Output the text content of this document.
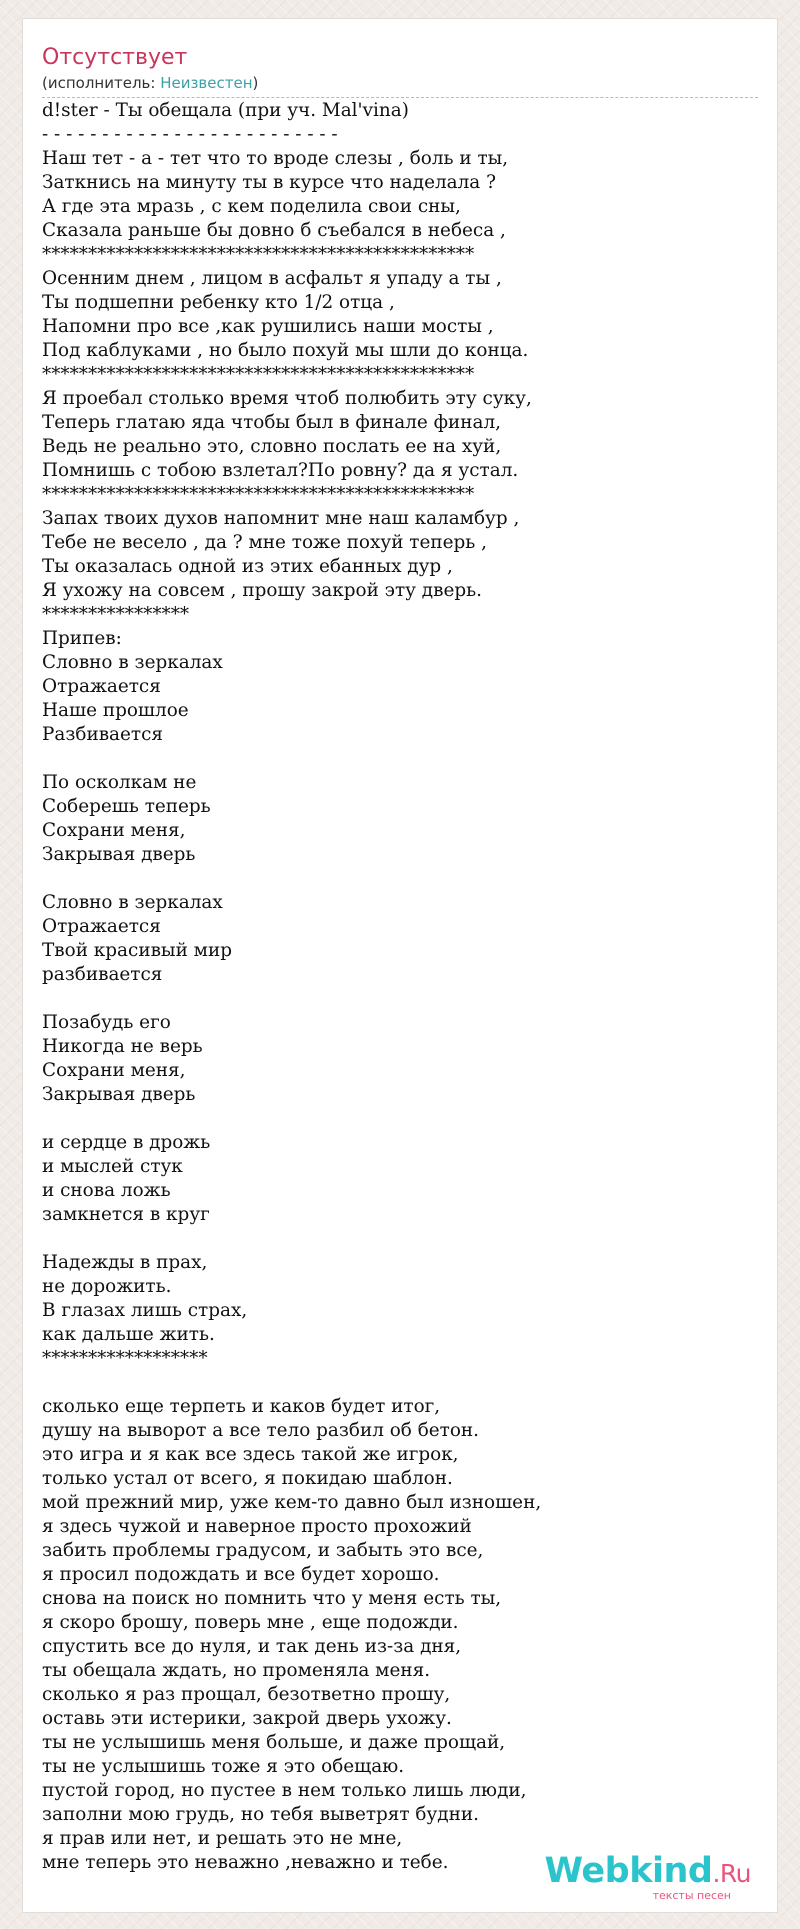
Отсутствует
(исполнитель: Неизвестен)
d!ster - Ты обещала (при уч. Mal'vina)
- - - - - - - - - - - - - - - - - - - - - - - - -
Наш тет - а - тет что то вроде слезы , боль и ты,
Заткнись на минуту ты в курсе что наделала ?
А где эта мразь , с кем поделила свои сны,
Сказала раньше бы довно б съебался в небеса ,
***********************************************
Осенним днем , лицом в асфальт я упаду а ты ,
Ты подшепни ребенку кто 1/2 отца ,
Напомни про все ,как рушились наши мосты ,
Под каблуками , но было похуй мы шли до конца.
***********************************************
Я проебал столько время чтоб полюбить эту суку,
Теперь глатаю яда чтобы был в финале финал,
Ведь не реально это, словно послать ее на хуй,
Помнишь с тобою взлетал?По ровну? да я устал.
***********************************************
Запах твоих духов напомнит мне наш каламбур ,
Тебе не весело , да ? мне тоже похуй теперь ,
Ты оказалась одной из этих ебанных дур ,
Я ухожу на совсем , прошу закрой эту дверь.
****************
Припев:
Словно в зеркалах
Отражается
Наше прошлое
Разбивается

По осколкам не
Соберешь теперь
Сохрани меня,
Закрывая дверь

Словно в зеркалах
Отражается
Твой красивый мир
разбивается

Позабудь его
Никогда не верь
Сохрани меня,
Закрывая дверь

и сердце в дрожь
и мыслей стук
и снова ложь
замкнется в круг

Надежды в прах,
не дорожить.
В глазах лишь страх,
как дальше жить.
******************

сколько еще терпеть и каков будет итог,
душу на выворот а все тело разбил об бетон.
это игра и я как все здесь такой же игрок,
только устал от всего, я покидаю шаблон.
мой прежний мир, уже кем-то давно был изношен,
я здесь чужой и наверное просто прохожий
забить проблемы градусом, и забыть это все,
я просил подождать и все будет хорошо.
снова на поиск но помнить что у меня есть ты,
я скоро брошу, поверь мне , еще подожди.
спустить все до нуля, и так день из-за дня,
ты обещала ждать, но променяла меня.
сколько я раз прощал, безответно прошу,
оставь эти истерики, закрой дверь ухожу.
ты не услышишь меня больше, и даже прощай,
ты не услышишь тоже я это обещаю.
пустой город, но пустее в нем только лишь люди,
заполни мою грудь, но тебя выветрят будни.
я прав или нет, и решать это не мне,
мне теперь это неважно ,неважно и тебе.	Webkind.Ru
тексты песен
